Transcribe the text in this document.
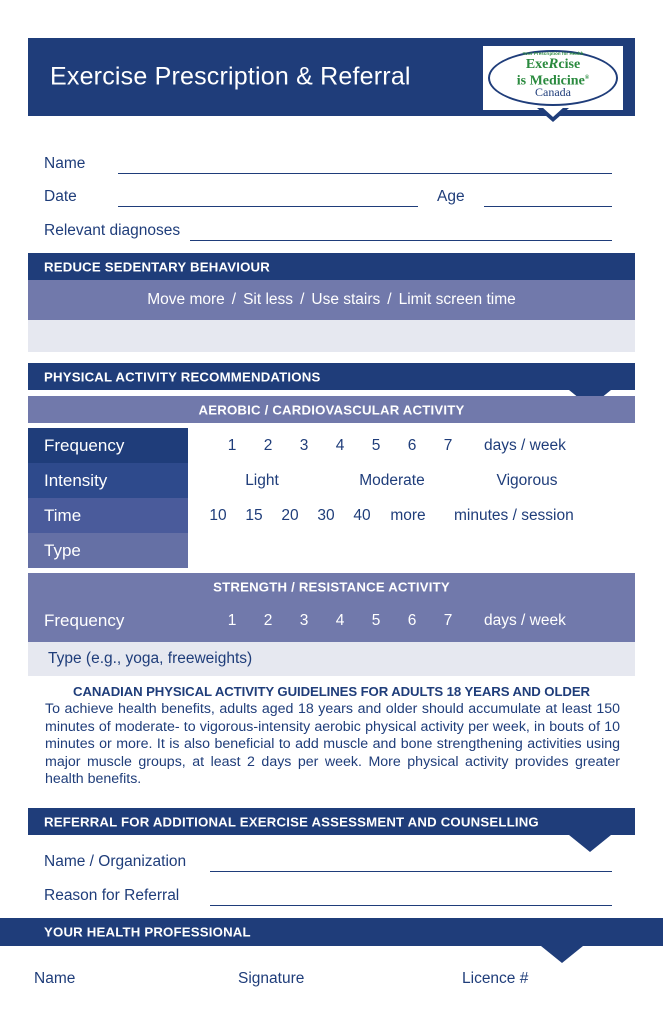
Exercise Prescription & Referral
Your Prescription for Health
ExeRcise
is Medicine®
Canada
Name
Date	Age
Relevant diagnoses
REDUCE SEDENTARY BEHAVIOUR
Move more / Sit less / Use stairs / Limit screen time
PHYSICAL ACTIVITY RECOMMENDATIONS
AEROBIC / CARDIOVASCULAR ACTIVITY
Frequency	1	2	3	4	5	6	7	days / week
Intensity	Light	Moderate	Vigorous
Time	10	15	20	30	40	more	minutes / session
Type
STRENGTH / RESISTANCE ACTIVITY
Frequency	1	2	3	4	5	6	7	days / week
Type (e.g., yoga, freeweights)
CANADIAN PHYSICAL ACTIVITY GUIDELINES FOR ADULTS 18 YEARS AND OLDER
To achieve health benefits, adults aged 18 years and older should accumulate at least 150 minutes of moderate- to vigorous-intensity aerobic physical activity per week, in bouts of 10 minutes or more. It is also beneficial to add muscle and bone strengthening activities using major muscle groups, at least 2 days per week. More physical activity provides greater health benefits.
REFERRAL FOR ADDITIONAL EXERCISE ASSESSMENT AND COUNSELLING
Name / Organization
Reason for Referral
YOUR HEALTH PROFESSIONAL
Name	Signature	Licence #
